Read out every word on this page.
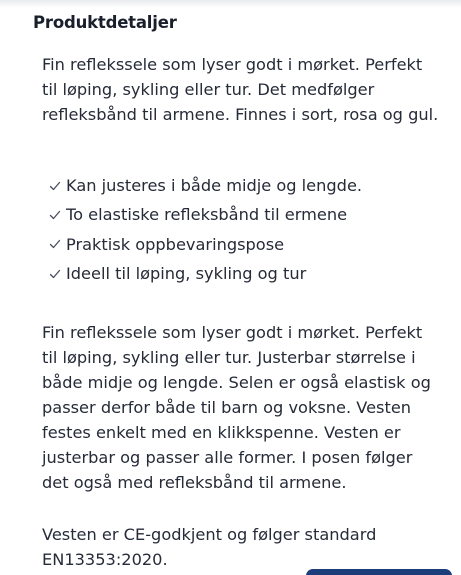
Produktdetaljer

Fin reflekssele som lyser godt i mørket. Perfekt
til løping, sykling eller tur. Det medfølger
refleksbånd til armene. Finnes i sort, rosa og gul.

Kan justeres i både midje og lengde.
To elastiske refleksbånd til ermene
Praktisk oppbevaringspose
Ideell til løping, sykling og tur

Fin reflekssele som lyser godt i mørket. Perfekt
til løping, sykling eller tur. Justerbar størrelse i
både midje og lengde. Selen er også elastisk og
passer derfor både til barn og voksne. Vesten
festes enkelt med en klikkspenne. Vesten er
justerbar og passer alle former. I posen følger
det også med refleksbånd til armene.

Vesten er CE-godkjent og følger standard
EN13353:2020.
